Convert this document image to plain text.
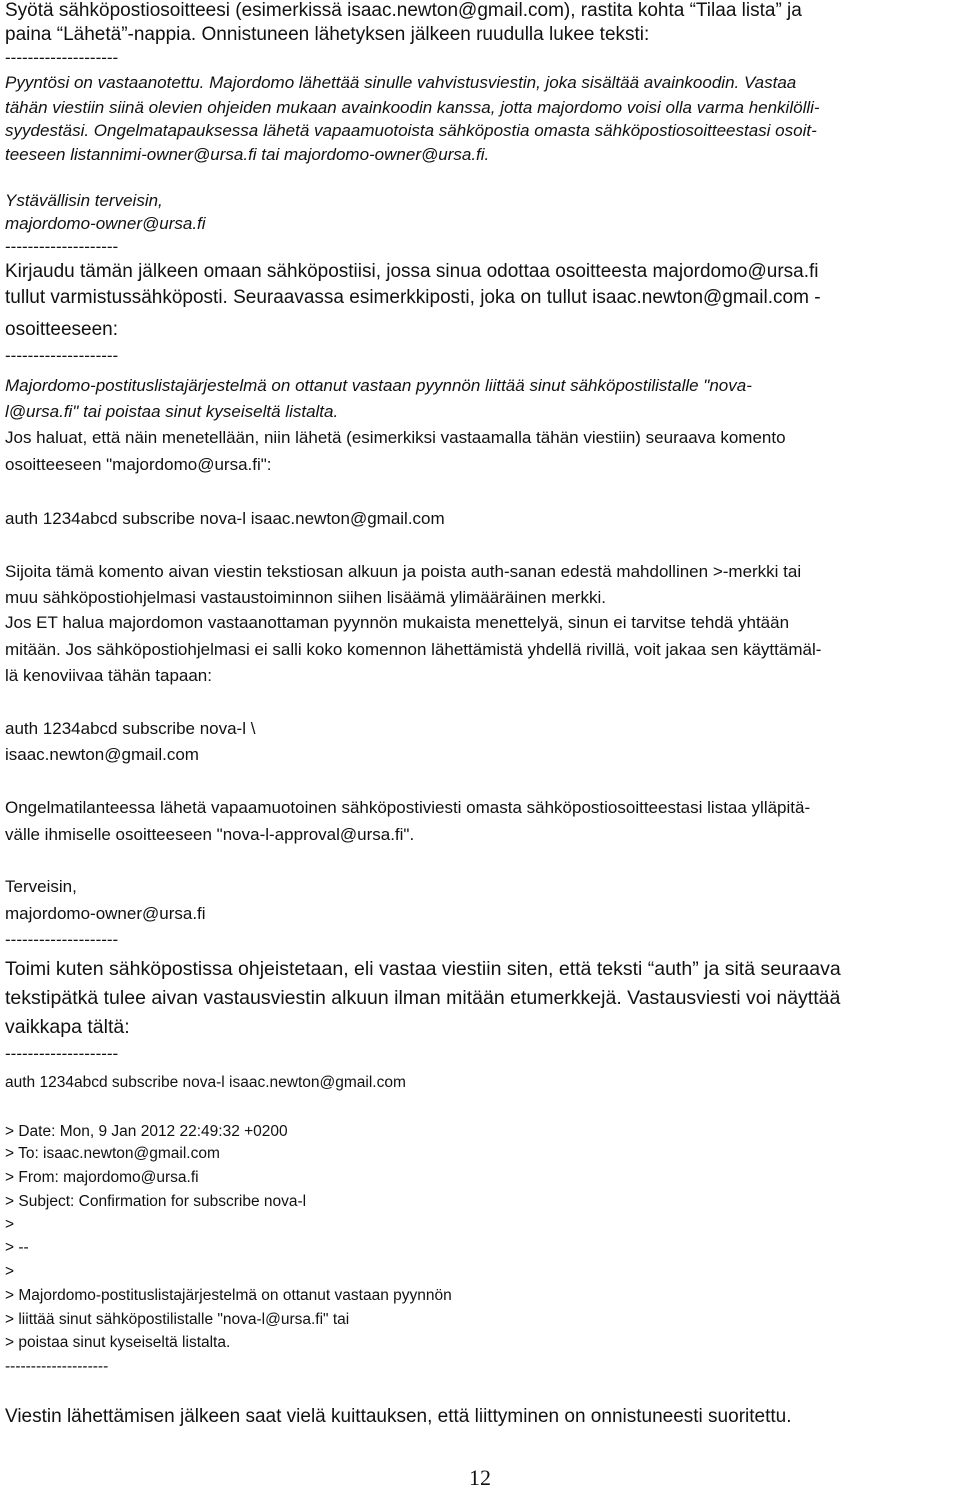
Syötä sähköpostiosoitteesi (esimerkissä isaac.newton@gmail.com), rastita kohta “Tilaa lista” ja
paina “Lähetä”-nappia. Onnistuneen lähetyksen jälkeen ruudulla lukee teksti:
--------------------
Pyyntösi on vastaanotettu. Majordomo lähettää sinulle vahvistusviestin, joka sisältää avainkoodin. Vastaa
tähän viestiin siinä olevien ohjeiden mukaan avainkoodin kanssa, jotta majordomo voisi olla varma henkilölli-
syydestäsi. Ongelmatapauksessa lähetä vapaamuotoista sähköpostia omasta sähköpostiosoitteestasi osoit-
teeseen listannimi-owner@ursa.fi tai majordomo-owner@ursa.fi.
Ystävällisin terveisin,
majordomo-owner@ursa.fi
--------------------
Kirjaudu tämän jälkeen omaan sähköpostiisi, jossa sinua odottaa osoitteesta majordomo@ursa.fi
tullut varmistussähköposti. Seuraavassa esimerkkiposti, joka on tullut isaac.newton@gmail.com -
osoitteeseen:
--------------------
Majordomo-postituslistajärjestelmä on ottanut vastaan pyynnön liittää sinut sähköpostilistalle "nova-
l@ursa.fi" tai poistaa sinut kyseiseltä listalta.
Jos haluat, että näin menetellään, niin lähetä (esimerkiksi vastaamalla tähän viestiin) seuraava komento
osoitteeseen "majordomo@ursa.fi":
auth 1234abcd subscribe nova-l isaac.newton@gmail.com
Sijoita tämä komento aivan viestin tekstiosan alkuun ja poista auth-sanan edestä mahdollinen >-merkki tai
muu sähköpostiohjelmasi vastaustoiminnon siihen lisäämä ylimääräinen merkki.
Jos ET halua majordomon vastaanottaman pyynnön mukaista menettelyä, sinun ei tarvitse tehdä yhtään
mitään. Jos sähköpostiohjelmasi ei salli koko komennon lähettämistä yhdellä rivillä, voit jakaa sen käyttämäl-
lä kenoviivaa tähän tapaan:
auth 1234abcd subscribe nova-l \
isaac.newton@gmail.com
Ongelmatilanteessa lähetä vapaamuotoinen sähköpostiviesti omasta sähköpostiosoitteestasi listaa ylläpitä-
välle ihmiselle osoitteeseen "nova-l-approval@ursa.fi".
Terveisin,
majordomo-owner@ursa.fi
--------------------
Toimi kuten sähköpostissa ohjeistetaan, eli vastaa viestiin siten, että teksti “auth” ja sitä seuraava
tekstipätkä tulee aivan vastausviestin alkuun ilman mitään etumerkkejä. Vastausviesti voi näyttää
vaikkapa tältä:
--------------------
auth 1234abcd subscribe nova-l isaac.newton@gmail.com
> Date: Mon, 9 Jan 2012 22:49:32 +0200
> To: isaac.newton@gmail.com
> From: majordomo@ursa.fi
> Subject: Confirmation for subscribe nova-l
>
> --
>
> Majordomo-postituslistajärjestelmä on ottanut vastaan pyynnön
> liittää sinut sähköpostilistalle "nova-l@ursa.fi" tai
> poistaa sinut kyseiseltä listalta.
--------------------
Viestin lähettämisen jälkeen saat vielä kuittauksen, että liittyminen on onnistuneesti suoritettu.
12
